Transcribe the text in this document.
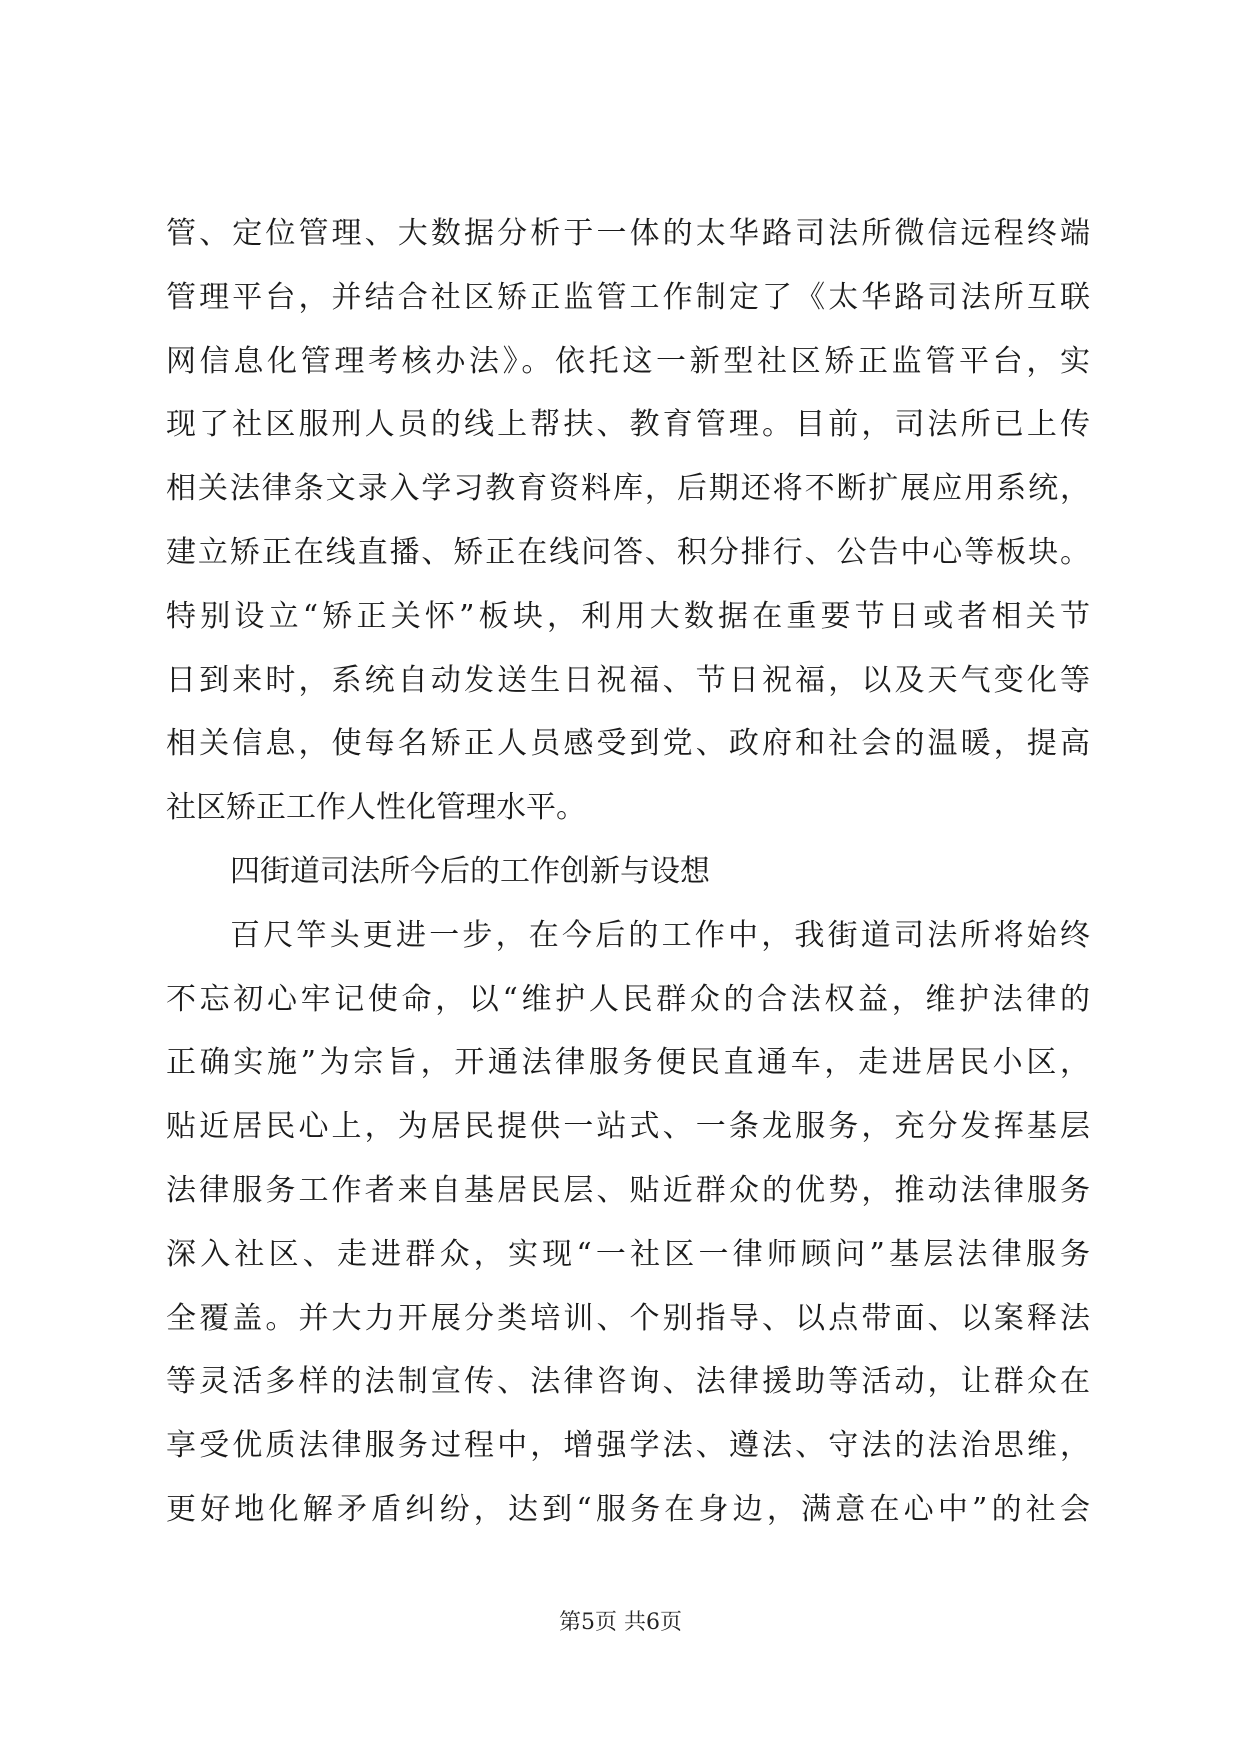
管、定位管理、大数据分析于一体的太华路司法所微信远程终端
管理平台，并结合社区矫正监管工作制定了《太华路司法所互联
网信息化管理考核办法》。依托这一新型社区矫正监管平台，实
现了社区服刑人员的线上帮扶、教育管理。目前，司法所已上传
相关法律条文录入学习教育资料库，后期还将不断扩展应用系统，
建立矫正在线直播、矫正在线问答、积分排行、公告中心等板块。
特别设立“矫正关怀”板块，利用大数据在重要节日或者相关节
日到来时，系统自动发送生日祝福、节日祝福，以及天气变化等
相关信息，使每名矫正人员感受到党、政府和社会的温暖，提高
社区矫正工作人性化管理水平。
四街道司法所今后的工作创新与设想
百尺竿头更进一步，在今后的工作中，我街道司法所将始终
不忘初心牢记使命，以“维护人民群众的合法权益，维护法律的
正确实施”为宗旨，开通法律服务便民直通车，走进居民小区，
贴近居民心上，为居民提供一站式、一条龙服务，充分发挥基层
法律服务工作者来自基居民层、贴近群众的优势，推动法律服务
深入社区、走进群众，实现“一社区一律师顾问”基层法律服务
全覆盖。并大力开展分类培训、个别指导、以点带面、以案释法
等灵活多样的法制宣传、法律咨询、法律援助等活动，让群众在
享受优质法律服务过程中，增强学法、遵法、守法的法治思维，
更好地化解矛盾纠纷，达到“服务在身边，满意在心中”的社会
第5页 共6页
